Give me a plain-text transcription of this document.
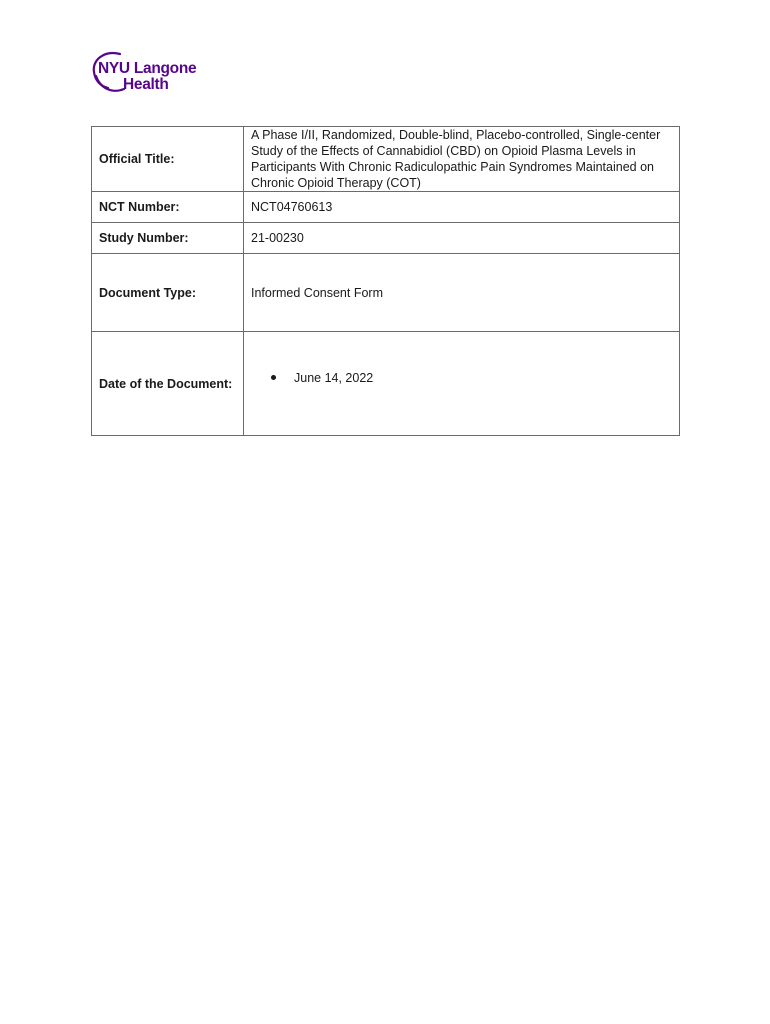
NYU Langone
Health
Official Title:	A Phase I/II, Randomized, Double-blind, Placebo-controlled, Single-center Study of the Effects of Cannabidiol (CBD) on Opioid Plasma Levels in Participants With Chronic Radiculopathic Pain Syndromes Maintained on Chronic Opioid Therapy (COT)
NCT Number:	NCT04760613
Study Number:	21-00230
Document Type:	Informed Consent Form
Date of the Document:	June 14, 2022
